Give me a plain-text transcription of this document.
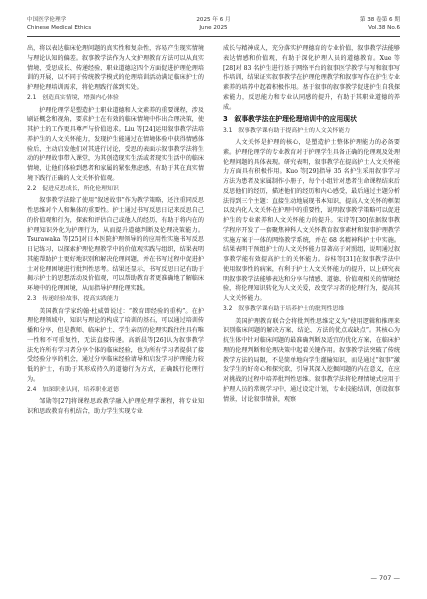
中国医学伦理学	2025 年 6 月	第 38 卷第 6 期
Chinese Medical Ethics	June 2025	Vol.38 No.6

出，将以表达临床伦理问题的真实性和复杂性，容易产生现实情境与理论认知的偏差。叙事教学法作为人文护理教育方法可以从真实情境、受思成长、传递经验、职业道德这四个方面促进护理伦理培训的开展，以不同于传统教学模式的伦理培训活动满足临床护士的护理伦理培训需求，将伦理践行落到实处。

2.1　创造真实情境，增强内心体验

护理伦理学是塑造护士职业道德和人文素养的重要课程，涉及刷证概念和视角，要求护士在有效的临床情境中作出合理决策，使其护士的工作更具尊严与价值追求。Liu 等[24]运用叙事教学法培养护生的人文关怀能力，发现护生能通过在情境体验中获得情感体验后，主动启发他们对其进行讨论，受思的表面示叙事教学法将生动的护理故事带入课堂，为其创造现实生活或者现实生活中的临床情境，让他们体验到患者和家属的紧张焦虑感，有助于其在真实情境下践行正确的人文关怀价值观。

2.2　促进反思成长，所化伦理知识

叙事教学法除了使用“叙述故事”作为教学策略，还注重同反思性思维对个人和集体的重要性。护士通过书写反思日记来反思自己的价值观和行为，探索和评估自己或他人的经历，有助于将内在的护理知识外化为护理行为，从而提升道德判断及伦理决策能力。Tsurawaka 等[25]对日本医院护理领导的的应用性实施书写反思日记练习，以探索护理伦理教学中的价值观实践与组织，结果表明其能帮助护士更好地识别和解决伦理问题，并在书写过程中促进护士对伦理困境进行批判性思考。结果还显示，书写反思日记有助于揭示护士的思想活动及价值观，可以帮助教育者更准确地了解临床环境中的伦理困境，从而指导护理伦理实践。

2.3　传递经验故事，提高实践能力

美国教育学家约翰·杜威曾说过：“教育即经验的重构”。在护理伦理领域中，知识与理论的构成了培训的基石，可以通过培训传播和分享，但是教师、临床护士、学生亲历的伦理实践往往具有唯一性和不可重复性，无法直接传递。高新晨等[26]认为叙事教学法允许所有学习者分享个体的临床经验，也为所有学习者提供了接受经验分享的机会，通过分享临床经验请导和启发学习护理能力较低的护士，有助于其形成持久的道德行为方式，正确践行伦理行为。

2.4　加深职业认同，培养职业道德

邹勋等[27]将课程思政教学融入护理伦理学课程，将专业知识和思政教育有机结合，助力学生实现专业

成长与精神成人，充分落实护理德育的专业价值，叙事教学法能够表达情感和价值观，有助于深化护理人员的道德教育。Xue 等[28]对 83 名护生进行基于网络平台的叙事医学教学与写和叙事写作培训，结果证实叙事教学在护理伦理教学和叙事写作在护生专业素养的培养中起着积极作用。基于叙事的叙事教学促进护生自我探索能力，反思能力和专业认同感的提升，有助于其职业道德的养成。

3　叙事教学法在护理伦理培训中的应用现状
3.1　叙事教学课有助于提高护士的人文关怀能力

人文关怀是护理的核心，是塑造护士整体护理能力的必备要素。护理伦理学的专业教育对于护理学生具备正确的伦理观及处理伦理问题的具体表现。研究表明，叙事教学在提高护士人文关怀能力方面具有积极作用。Kuo 等[29]指导 35 名护生采用叙事学习方法为患者及家属制作小册子，每个小组针对患者生命课程结束后反思他们的经历，描述他们的经历和内心感受，最后通过主题分析法得到三个主题：直接生动地展现书本知识，提高人文关怀的框架以及内化人文关怀在护理中的重要性，说明叙事教学策略可以促进护生的专业素养和人文关怀能力的提升。宋诗等[30]依据叙事教学程序开发了一套聚焦神科人文关怀教育叙事素材和叙事护理教学实施方案于一体的网络教学系统，并在 68 名精神科护士中实施。结果表明干预组护士的人文关怀能力显著高于对照组，说明通过叙事教学能有效提高护士的关怀能力。谷桂等[31]在叙事教学法中使用叙事性的病案，有利于护士人文关怀能力的提升，以上研究表明叙事教学法能够表达和分享与情感、道德、价值观相关的情境经验，将伦理知识转化为人文关爱，改变学习者的伦理行为，提高其人文关怀能力。

3.2　叙事教学课有助于培养护士的批判性思维

美国护理教育联合会将批判性思维定义为“使用逻辑和推理来识别临床问题的解决方案、结论、方法的优点或缺点”。其核心为抗生体中针对临床问题的最准确判断及适宜的优化方案，在临床护理的伦理判断和伦理决策中起着关键作用。叙事教学法突破了传统教学方法的局限，不是简单地向学生灌输知识，而是通过“叙事”激发学生的好奇心和探究欲，引导其深入挖掘问题的内在意义，在应对挑战的过程中培养批判性思维。叙事教学法将伦理情境式应用于护理人员的常规学习中，通过设定计划，专业技能结训，创设叙事情景，讨论叙事情景，观察

— 707 —
